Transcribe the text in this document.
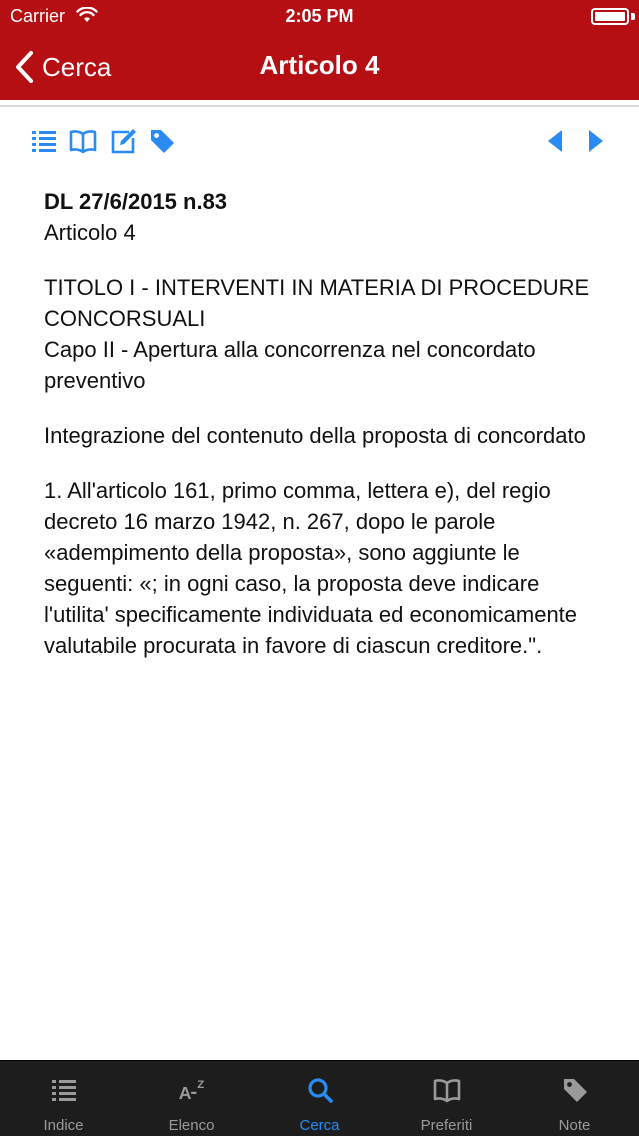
Carrier	2:05 PM
Cerca	Articolo 4
DL 27/6/2015 n.83
Articolo 4
TITOLO I - INTERVENTI IN MATERIA DI PROCEDURE CONCORSUALI
Capo II - Apertura alla concorrenza nel concordato preventivo

Integrazione del contenuto della proposta di concordato

1. All'articolo 161, primo comma, lettera e), del regio decreto 16 marzo 1942, n. 267, dopo le parole «adempimento della proposta», sono aggiunte le seguenti: «; in ogni caso, la proposta deve indicare l'utilita' specificamente individuata ed economicamente valutabile procurata in favore di ciascun creditore.".

Indice
A Z
Elenco	Cerca	Preferiti	Note
